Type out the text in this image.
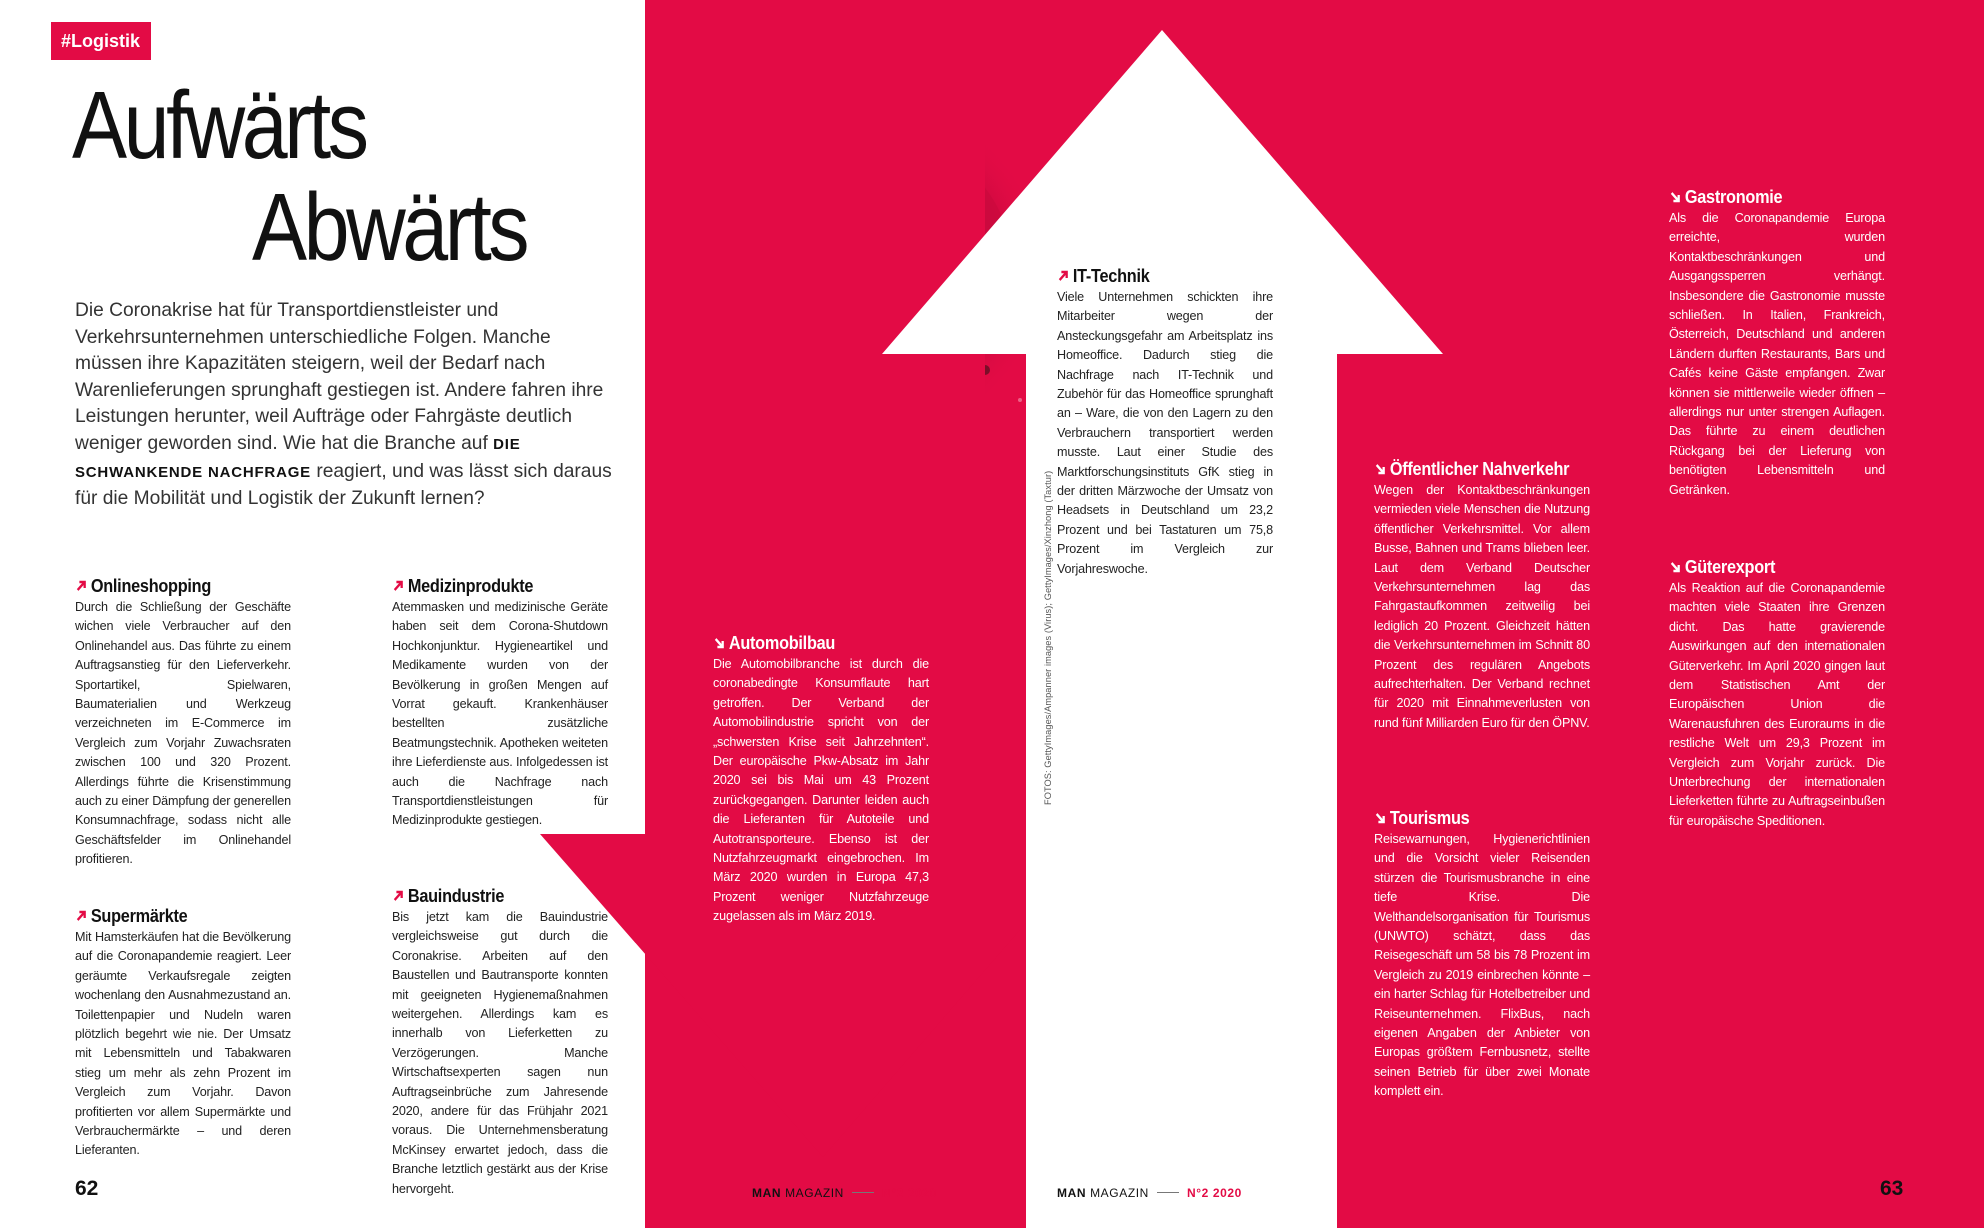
#Logistik
Aufwärts
Abwärts

Die Coronakrise hat für Transportdienstleister und Verkehrsunternehmen unterschiedliche Folgen. Manche müssen ihre Kapazitäten steigern, weil der Bedarf nach Warenlieferungen sprunghaft gestiegen ist. Andere fahren ihre Leistungen herunter, weil Aufträge oder Fahrgäste deutlich weniger geworden sind. Wie hat die Branche auf DIE SCHWANKENDE NACHFRAGE reagiert, und was lässt sich daraus für die Mobilität und Logistik der Zukunft lernen?

Onlineshopping

Durch die Schließung der Geschäfte wichen viele Verbraucher auf den Onlinehandel aus. Das führte zu einem Auftragsanstieg für den Lieferverkehr. Sportartikel, Spielwaren, Baumaterialien und Werkzeug verzeichneten im E-Commerce im Vergleich zum Vorjahr Zuwachsraten zwischen 100 und 320 Prozent. Allerdings führte die Krisenstimmung auch zu einer Dämpfung der generellen Konsumnachfrage, sodass nicht alle Geschäftsfelder im Onlinehandel profitieren.

Supermärkte

Mit Hamsterkäufen hat die Bevölkerung auf die Coronapandemie reagiert. Leer geräumte Verkaufsregale zeigten wochenlang den Ausnahmezustand an. Toilettenpapier und Nudeln waren plötzlich begehrt wie nie. Der Umsatz mit Lebensmitteln und Tabakwaren stieg um mehr als zehn Prozent im Vergleich zum Vorjahr. Davon profitierten vor allem Supermärkte und Verbrauchermärkte – und deren Lieferanten.

Medizinprodukte

Atemmasken und medizinische Geräte haben seit dem Corona-Shutdown Hochkonjunktur. Hygieneartikel und Medikamente wurden von der Bevölkerung in großen Mengen auf Vorrat gekauft. Krankenhäuser bestellten zusätzliche Beatmungstechnik. Apotheken weiteten ihre Lieferdienste aus. Infolgedessen ist auch die Nachfrage nach Transportdienstleistungen für Medizinprodukte gestiegen.

Bauindustrie

Bis jetzt kam die Bauindustrie vergleichsweise gut durch die Coronakrise. Arbeiten auf den Baustellen und Bautransporte konnten mit geeigneten Hygienemaßnahmen weitergehen. Allerdings kam es innerhalb von Lieferketten zu Verzögerungen. Manche Wirtschaftsexperten sagen nun Auftragseinbrüche zum Jahresende 2020, andere für das Frühjahr 2021 voraus. Die Unternehmensberatung McKinsey erwartet jedoch, dass die Branche letztlich gestärkt aus der Krise hervorgeht.

Automobilbau

Die Automobilbranche ist durch die coronabedingte Konsumflaute hart getroffen. Der Verband der Automobilindustrie spricht von der „schwersten Krise seit Jahrzehnten“. Der europäische Pkw-Absatz im Jahr 2020 sei bis Mai um 43 Prozent zurückgegangen. Darunter leiden auch die Lieferanten für Autoteile und Autotransporteure. Ebenso ist der Nutzfahrzeugmarkt eingebrochen. Im März 2020 wurden in Europa 47,3 Prozent weniger Nutzfahrzeuge zugelassen als im März 2019.

IT-Technik

Viele Unternehmen schickten ihre Mitarbeiter wegen der Ansteckungsgefahr am Arbeitsplatz ins Homeoffice. Dadurch stieg die Nachfrage nach IT-Technik und Zubehör für das Homeoffice sprunghaft an – Ware, die von den Lagern zu den Verbrauchern transportiert werden musste. Laut einer Studie des Marktforschungsinstituts GfK stieg in der dritten Märzwoche der Umsatz von Headsets in Deutschland um 23,2 Prozent und bei Tastaturen um 75,8 Prozent im Vergleich zur Vorjahreswoche.

Öffentlicher Nahverkehr

Wegen der Kontaktbeschränkungen vermieden viele Menschen die Nutzung öffentlicher Verkehrsmittel. Vor allem Busse, Bahnen und Trams blieben leer. Laut dem Verband Deutscher Verkehrsunternehmen lag das Fahrgastaufkommen zeitweilig bei lediglich 20 Prozent. Gleichzeit hätten die Verkehrsunternehmen im Schnitt 80 Prozent des regulären Angebots aufrechterhalten. Der Verband rechnet für 2020 mit Einnahmeverlusten von rund fünf Milliarden Euro für den ÖPNV.

Tourismus

Reisewarnungen, Hygienerichtlinien und die Vorsicht vieler Reisenden stürzen die Tourismusbranche in eine tiefe Krise. Die Welthandelsorganisation für Tourismus (UNWTO) schätzt, dass das Reisegeschäft um 58 bis 78 Prozent im Vergleich zu 2019 einbrechen könnte – ein harter Schlag für Hotelbetreiber und Reiseunternehmen. FlixBus, nach eigenen Angaben der Anbieter von Europas größtem Fernbusnetz, stellte seinen Betrieb für über zwei Monate komplett ein.

Gastronomie

Als die Coronapandemie Europa erreichte, wurden Kontaktbeschränkungen und Ausgangssperren verhängt. Insbesondere die Gastronomie musste schließen. In Italien, Frankreich, Österreich, Deutschland und anderen Ländern durften Restaurants, Bars und Cafés keine Gäste empfangen. Zwar können sie mittlerweile wieder öffnen – allerdings nur unter strengen Auflagen. Das führte zu einem deutlichen Rückgang bei der Lieferung von benötigten Lebensmitteln und Getränken.

Güterexport

Als Reaktion auf die Coronapandemie machten viele Staaten ihre Grenzen dicht. Das hatte gravierende Auswirkungen auf den internationalen Güterverkehr. Im April 2020 gingen laut dem Statistischen Amt der Europäischen Union die Warenausfuhren des Euroraums in die restliche Welt um 29,3 Prozent im Vergleich zum Vorjahr zurück. Die Unterbrechung der internationalen Lieferketten führte zu Auftragseinbußen für europäische Speditionen.

FOTOS: GettyImages/Ampanner images (Virus); GettyImages/Xinzhong (Taxtur)
62	63
MAN MAGAZIN	N°2 2020	MAN MAGAZIN	N°2 2020
